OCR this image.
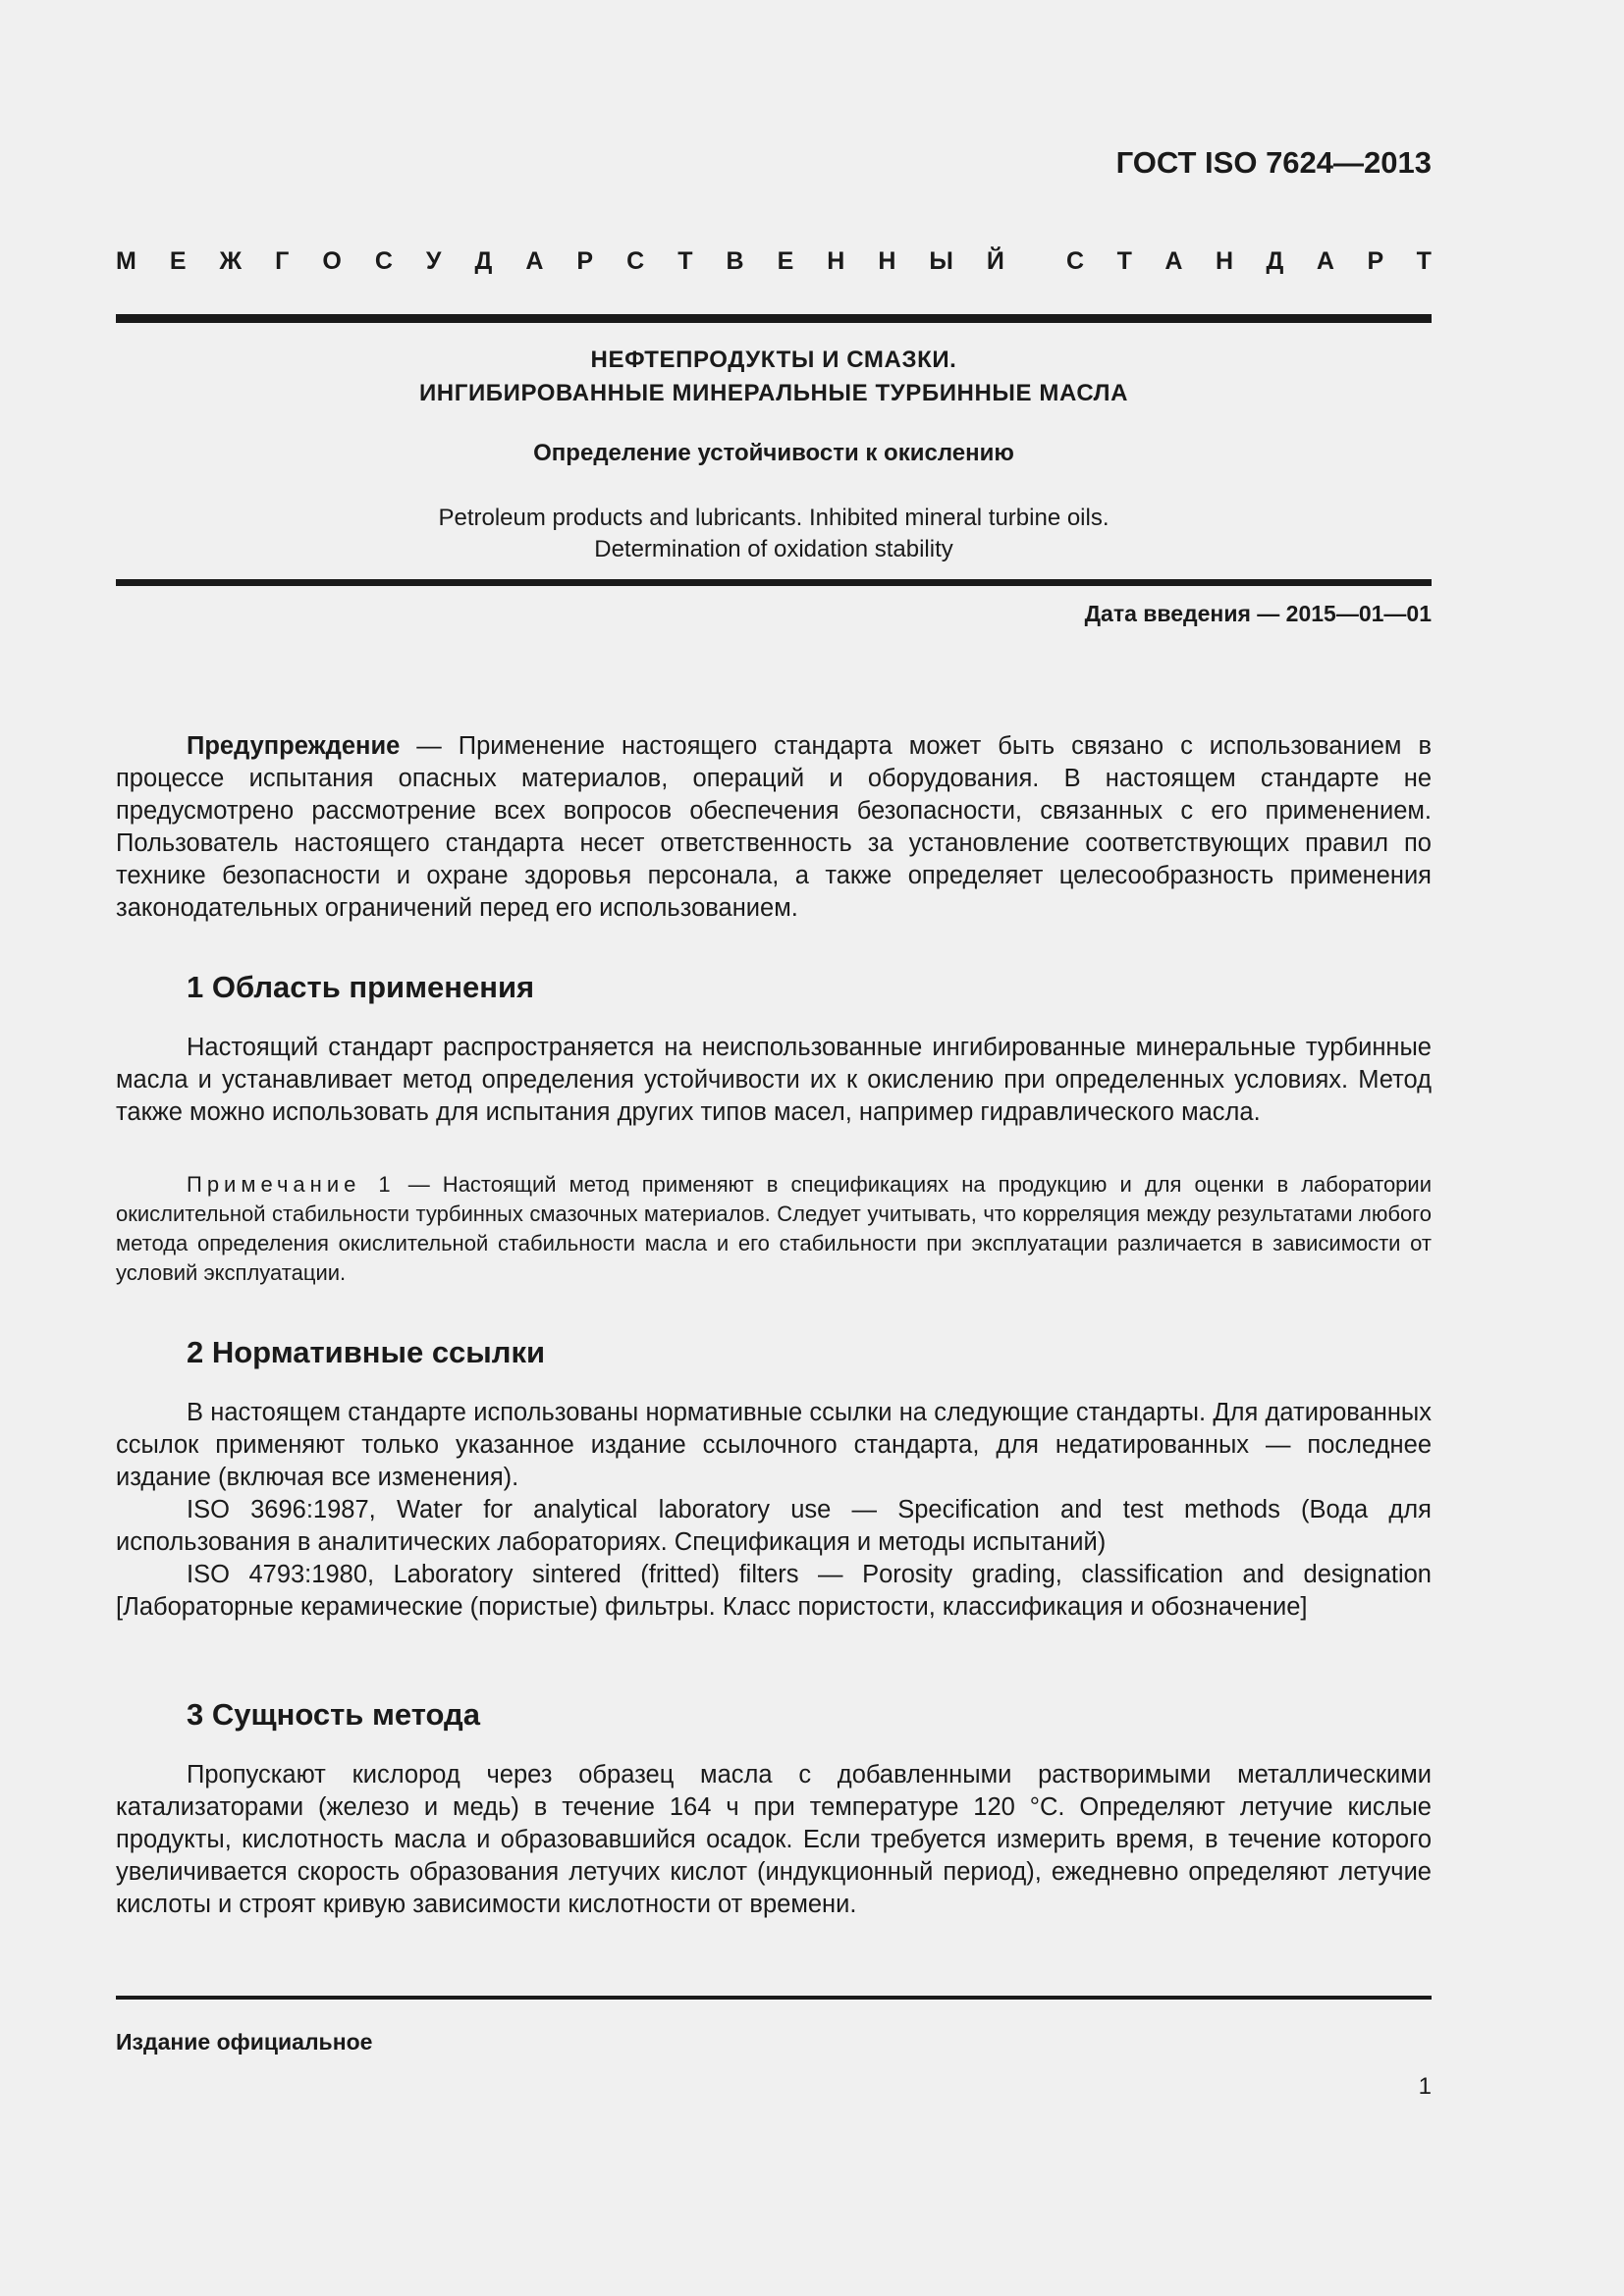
ГОСТ ISO 7624—2013
М Е Ж Г О С У Д А Р С Т В Е Н Н Ы Й	С Т А Н Д А Р Т
НЕФТЕПРОДУКТЫ И СМАЗКИ.
ИНГИБИРОВАННЫЕ МИНЕРАЛЬНЫЕ ТУРБИННЫЕ МАСЛА
Определение устойчивости к окислению
Petroleum products and lubricants. Inhibited mineral turbine oils.
Determination of oxidation stability
Дата введения — 2015—01—01
Предупреждение — Применение настоящего стандарта может быть связано с использованием в процессе испытания опасных материалов, операций и оборудования. В настоящем стандарте не предусмотрено рассмотрение всех вопросов обеспечения безопасности, связанных с его применением. Пользователь настоящего стандарта несет ответственность за установление соответствующих правил по технике безопасности и охране здоровья персонала, а также определяет целесообразность применения законодательных ограничений перед его использованием.
1 Область применения
Настоящий стандарт распространяется на неиспользованные ингибированные минеральные турбинные масла и устанавливает метод определения устойчивости их к окислению при определенных условиях. Метод также можно использовать для испытания других типов масел, например гидравлического масла.
Примечание 1 — Настоящий метод применяют в спецификациях на продукцию и для оценки в лаборатории окислительной стабильности турбинных смазочных материалов. Следует учитывать, что корреляция между результатами любого метода определения окислительной стабильности масла и его стабильности при эксплуатации различается в зависимости от условий эксплуатации.
2 Нормативные ссылки
В настоящем стандарте использованы нормативные ссылки на следующие стандарты. Для датированных ссылок применяют только указанное издание ссылочного стандарта, для недатированных — последнее издание (включая все изменения).
ISO 3696:1987, Water for analytical laboratory use — Specification and test methods (Вода для использования в аналитических лабораториях. Спецификация и методы испытаний)
ISO 4793:1980, Laboratory sintered (fritted) filters — Porosity grading, classification and designation [Лабораторные керамические (пористые) фильтры. Класс пористости, классификация и обозначение]
3 Сущность метода
Пропускают кислород через образец масла с добавленными растворимыми металлическими катализаторами (железо и медь) в течение 164 ч при температуре 120 °С. Определяют летучие кислые продукты, кислотность масла и образовавшийся осадок. Если требуется измерить время, в течение которого увеличивается скорость образования летучих кислот (индукционный период), ежедневно определяют летучие кислоты и строят кривую зависимости кислотности от времени.
Издание официальное
1
